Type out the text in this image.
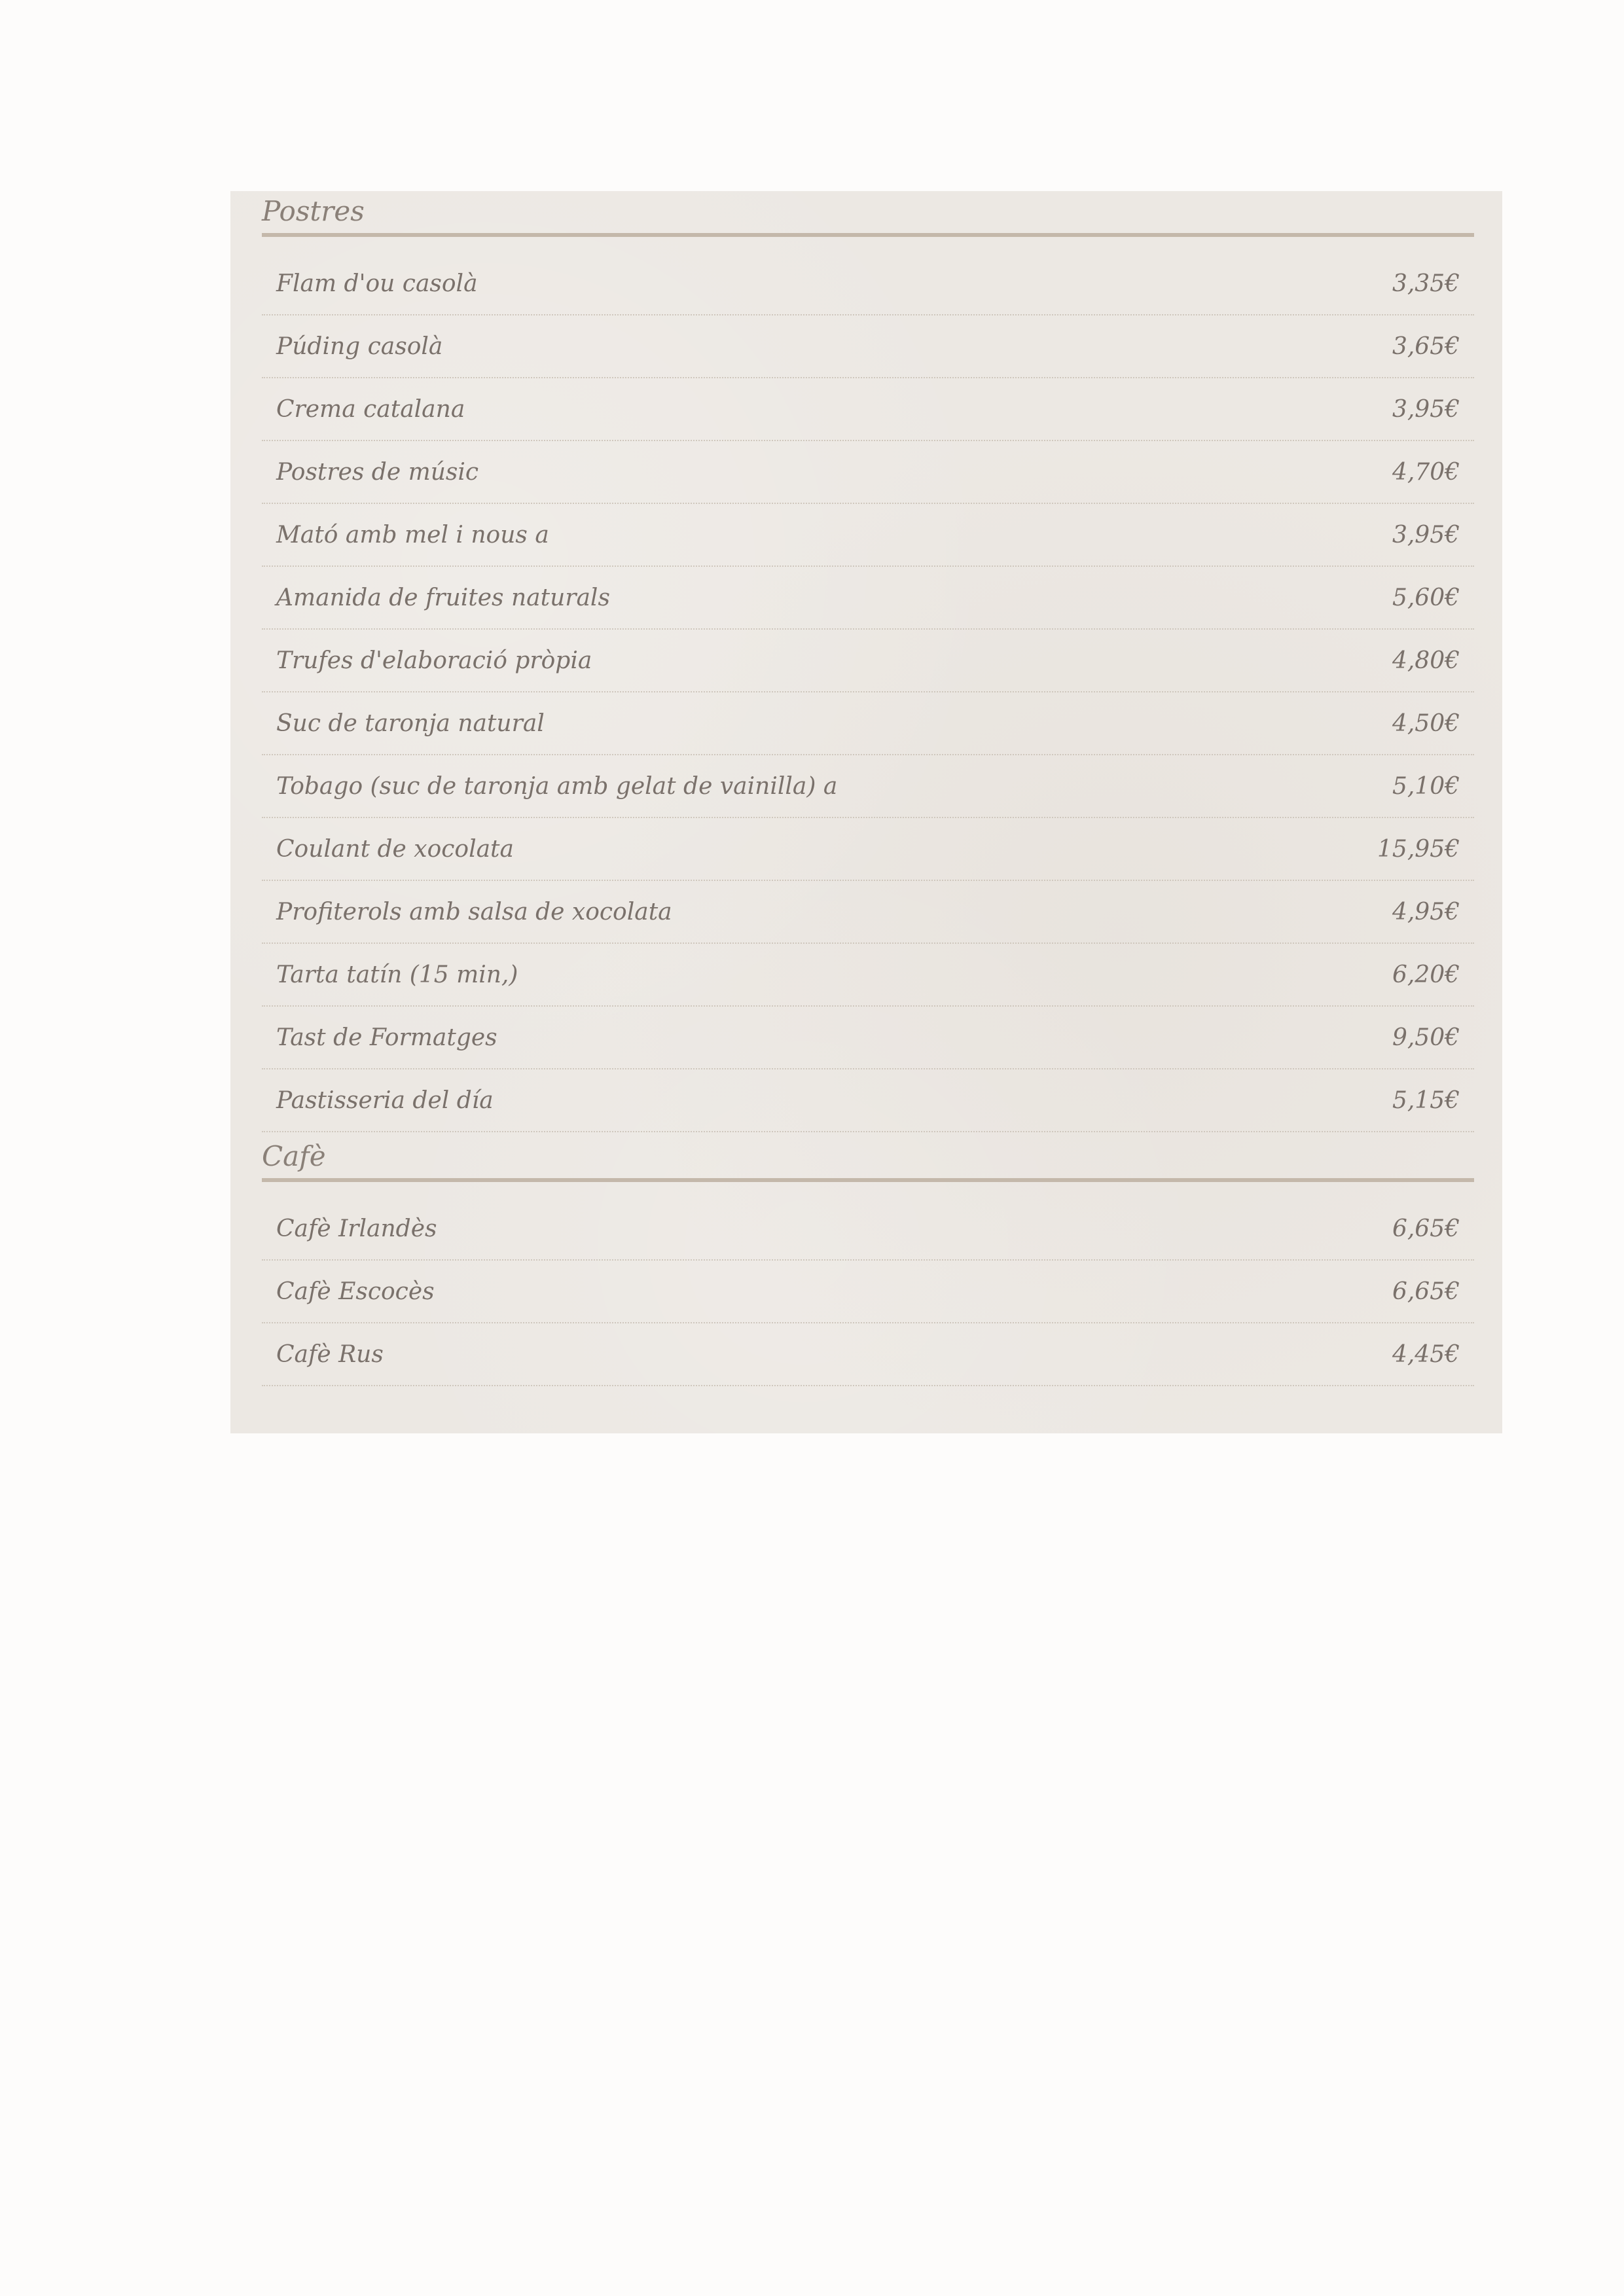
Postres
Flam d'ou casolà	3,35€
Púding casolà	3,65€
Crema catalana	3,95€
Postres de músic	4,70€
Mató amb mel i nous a	3,95€
Amanida de fruites naturals	5,60€
Trufes d'elaboració pròpia	4,80€
Suc de taronja natural	4,50€
Tobago (suc de taronja amb gelat de vainilla) a	5,10€
Coulant de xocolata	15,95€
Profiterols amb salsa de xocolata	4,95€
Tarta tatín (15 min,)	6,20€
Tast de Formatges	9,50€
Pastisseria del día	5,15€
Cafè
Cafè Irlandès	6,65€
Cafè Escocès	6,65€
Cafè Rus	4,45€
